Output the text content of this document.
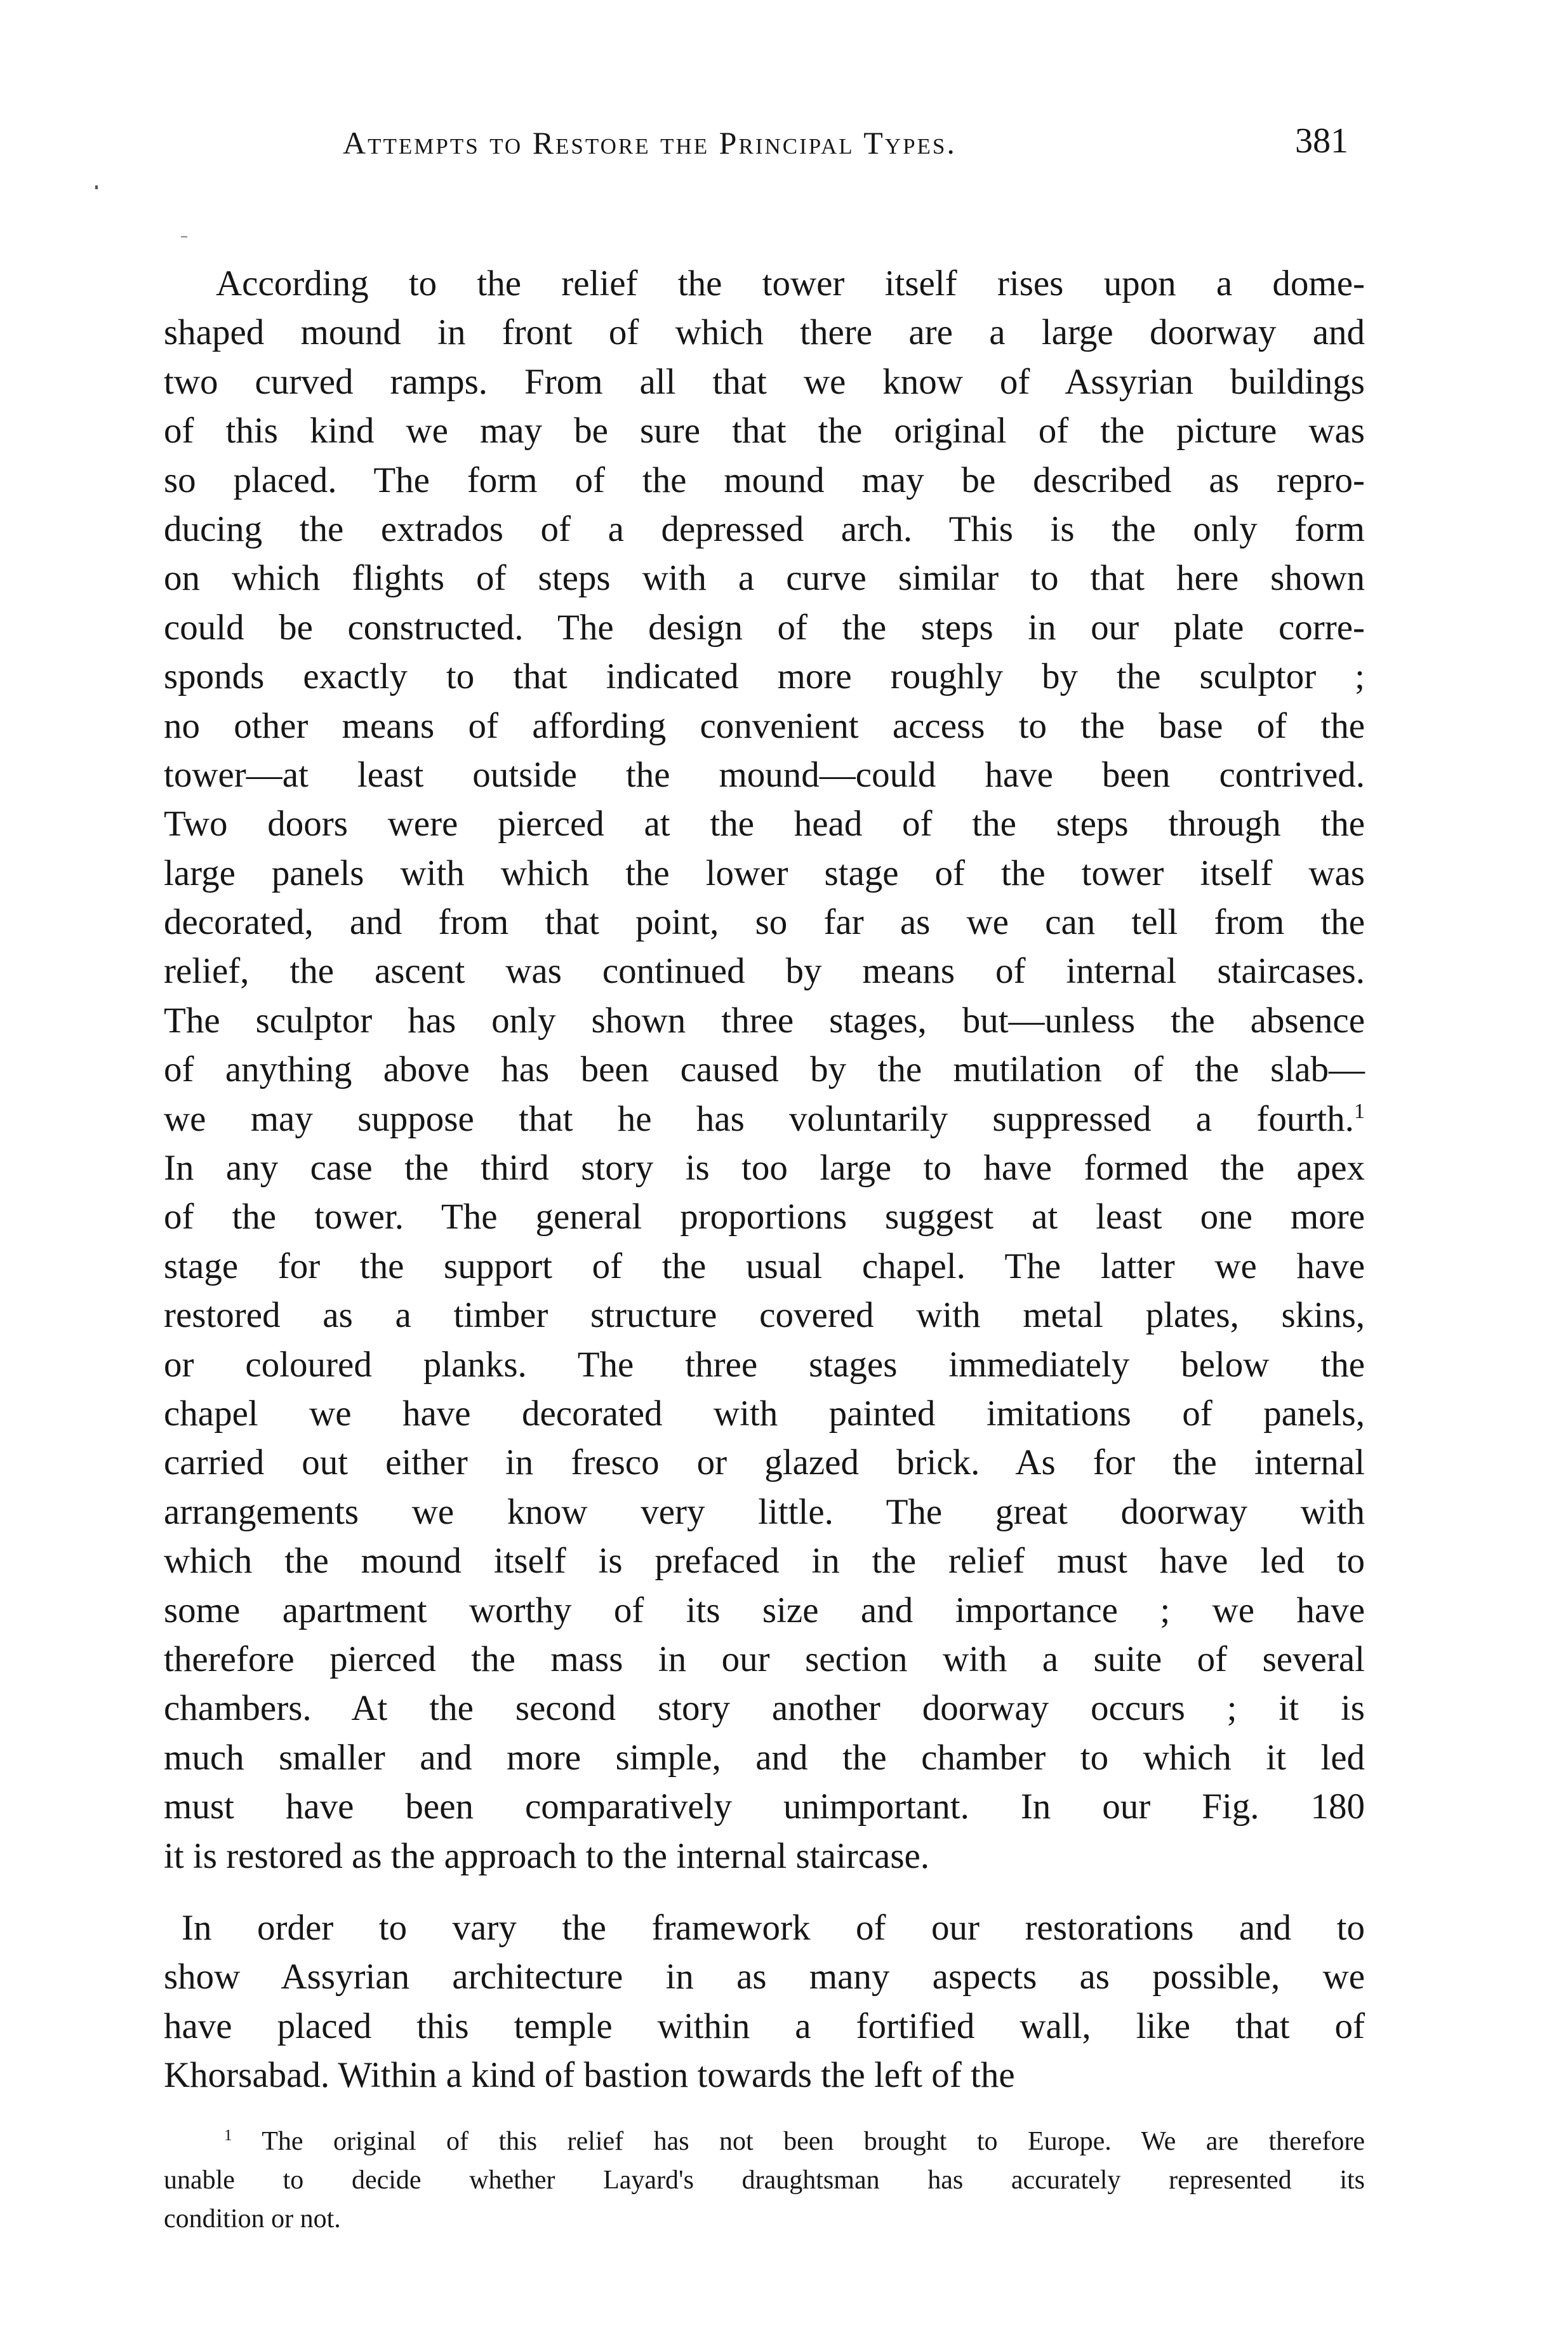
Attempts to Restore the Principal Types.	381
According to the relief the tower itself rises upon a dome-
shaped mound in front of which there are a large doorway and
two curved ramps. From all that we know of Assyrian buildings
of this kind we may be sure that the original of the picture was
so placed. The form of the mound may be described as repro-
ducing the extrados of a depressed arch. This is the only form
on which flights of steps with a curve similar to that here shown
could be constructed. The design of the steps in our plate corre-
sponds exactly to that indicated more roughly by the sculptor ;
no other means of affording convenient access to the base of the
tower—at least outside the mound—could have been contrived.
Two doors were pierced at the head of the steps through the
large panels with which the lower stage of the tower itself was
decorated, and from that point, so far as we can tell from the
relief, the ascent was continued by means of internal staircases.
The sculptor has only shown three stages, but—unless the absence
of anything above has been caused by the mutilation of the slab—
we may suppose that he has voluntarily suppressed a fourth.$^1$
In any case the third story is too large to have formed the apex
of the tower. The general proportions suggest at least one more
stage for the support of the usual chapel. The latter we have
restored as a timber structure covered with metal plates, skins,
or coloured planks. The three stages immediately below the
chapel we have decorated with painted imitations of panels,
carried out either in fresco or glazed brick. As for the internal
arrangements we know very little. The great doorway with
which the mound itself is prefaced in the relief must have led to
some apartment worthy of its size and importance ; we have
therefore pierced the mass in our section with a suite of several
chambers. At the second story another doorway occurs ; it is
much smaller and more simple, and the chamber to which it led
must have been comparatively unimportant. In our Fig. 180
it is restored as the approach to the internal staircase.
In order to vary the framework of our restorations and to
show Assyrian architecture in as many aspects as possible, we
have placed this temple within a fortified wall, like that of
Khorsabad. Within a kind of bastion towards the left of the
$^1$ The original of this relief has not been brought to Europe. We are therefore
unable to decide whether Layard's draughtsman has accurately represented its
condition or not.
